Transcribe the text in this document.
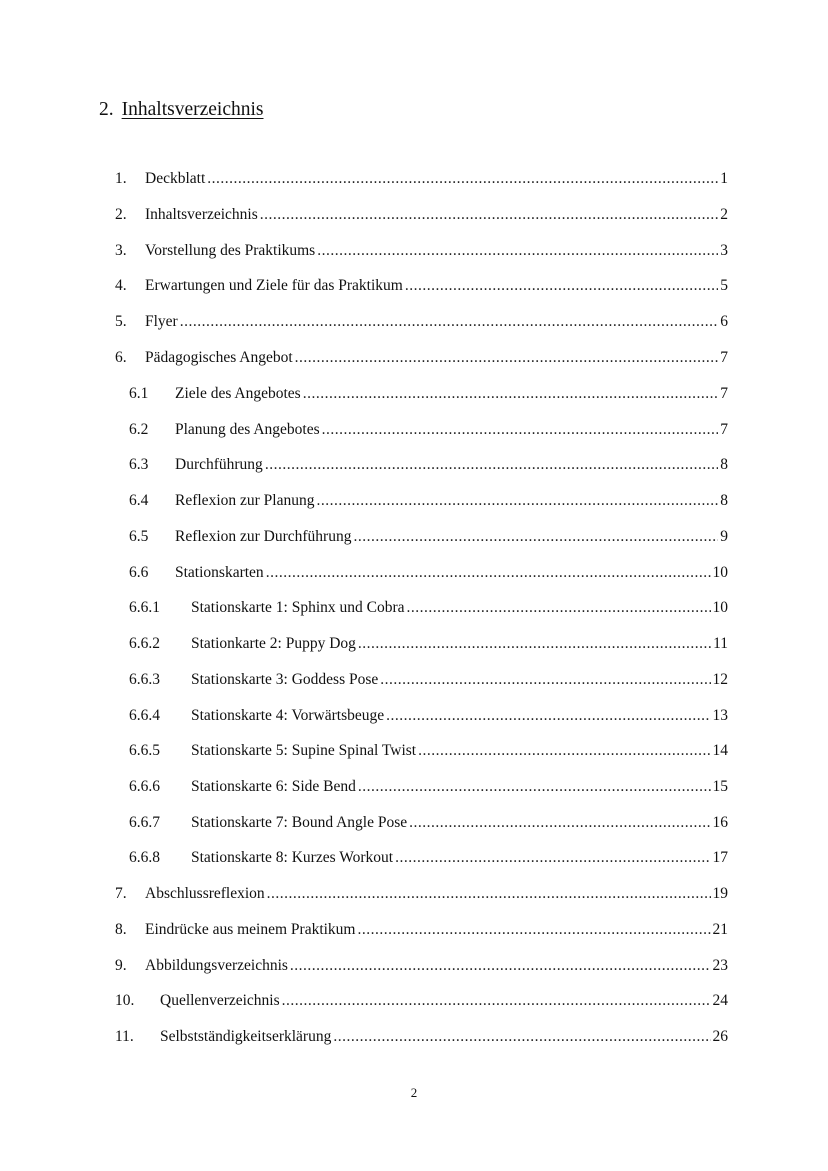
2. Inhaltsverzeichnis
1.	Deckblatt .....	1
2.	Inhaltsverzeichnis .....	2
3.	Vorstellung des Praktikums .....	3
4.	Erwartungen und Ziele für das Praktikum .....	5
5.	Flyer .....	6
6.	Pädagogisches Angebot .....	7
6.1	Ziele des Angebotes .....	7
6.2	Planung des Angebotes .....	7
6.3	Durchführung .....	8
6.4	Reflexion zur Planung .....	8
6.5	Reflexion zur Durchführung .....	9
6.6	Stationskarten .....	10
6.6.1	Stationskarte 1: Sphinx und Cobra .....	10
6.6.2	Stationkarte 2: Puppy Dog .....	11
6.6.3	Stationskarte 3: Goddess Pose .....	12
6.6.4	Stationskarte 4: Vorwärtsbeuge .....	13
6.6.5	Stationskarte 5: Supine Spinal Twist .....	14
6.6.6	Stationskarte 6: Side Bend .....	15
6.6.7	Stationskarte 7: Bound Angle Pose .....	16
6.6.8	Stationskarte 8: Kurzes Workout .....	17
7.	Abschlussreflexion .....	19
8.	Eindrücke aus meinem Praktikum .....	21
9.	Abbildungsverzeichnis .....	23
10.	Quellenverzeichnis .....	24
11.	Selbstständigkeitserklärung .....	26
2
